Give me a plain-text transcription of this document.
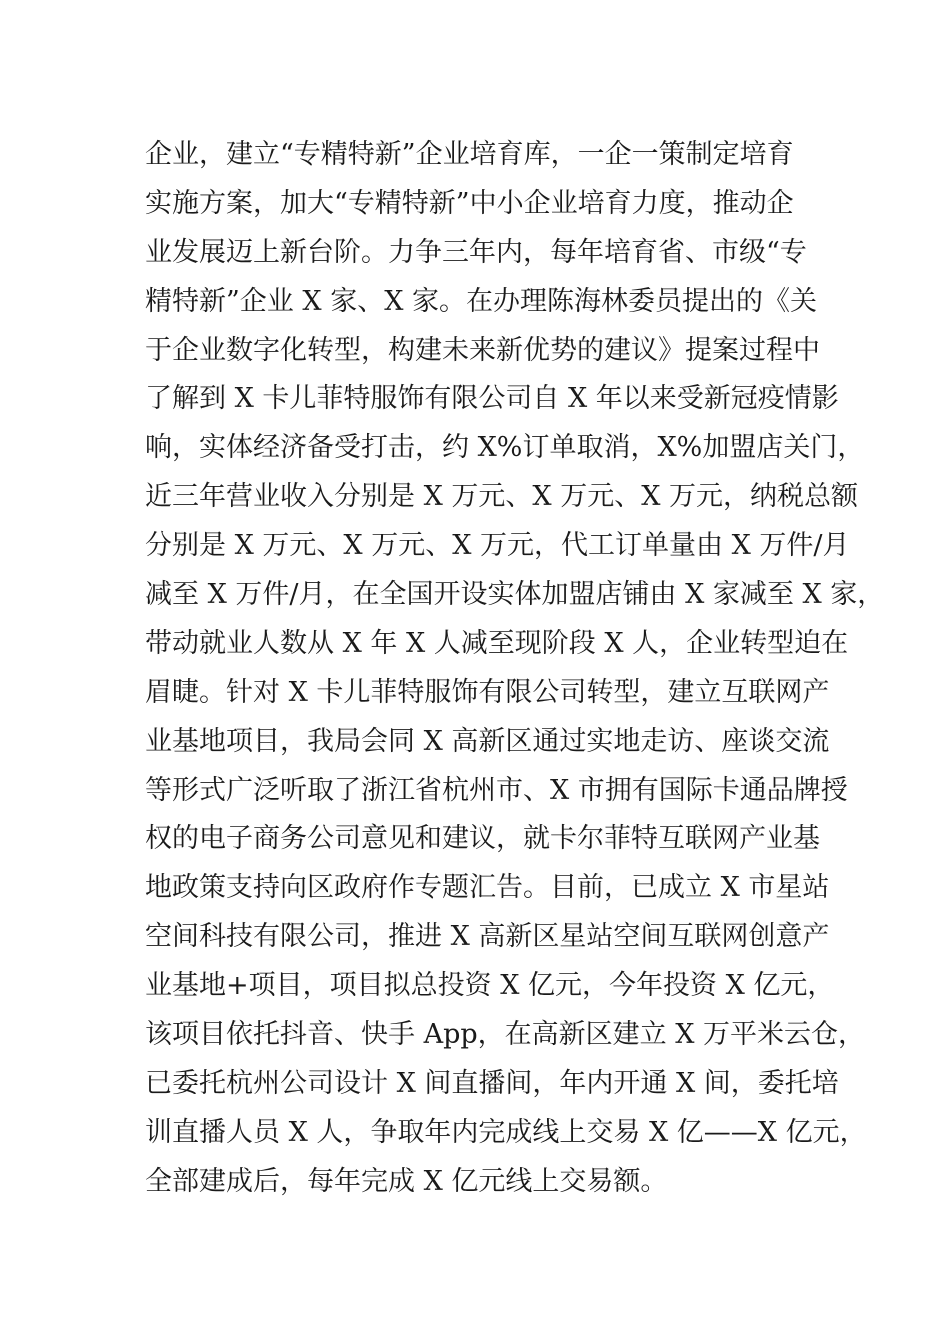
企业，建立“专精特新”企业培育库，一企一策制定培育
实施方案，加大“专精特新”中小企业培育力度，推动企
业发展迈上新台阶。力争三年内，每年培育省、市级“专
精特新”企业 X 家、X 家。在办理陈海林委员提出的《关
于企业数字化转型，构建未来新优势的建议》提案过程中
了解到 X 卡儿菲特服饰有限公司自 X 年以来受新冠疫情影
响，实体经济备受打击，约 X%订单取消，X%加盟店关门，
近三年营业收入分别是 X 万元、X 万元、X 万元，纳税总额
分别是 X 万元、X 万元、X 万元，代工订单量由 X 万件/月
减至 X 万件/月，在全国开设实体加盟店铺由 X 家减至 X 家，
带动就业人数从 X 年 X 人减至现阶段 X 人，企业转型迫在
眉睫。针对 X 卡儿菲特服饰有限公司转型，建立互联网产
业基地项目，我局会同 X 高新区通过实地走访、座谈交流
等形式广泛听取了浙江省杭州市、X 市拥有国际卡通品牌授
权的电子商务公司意见和建议，就卡尔菲特互联网产业基
地政策支持向区政府作专题汇告。目前，已成立 X 市星站
空间科技有限公司，推进 X 高新区星站空间互联网创意产
业基地+项目，项目拟总投资 X 亿元，今年投资 X 亿元，
该项目依托抖音、快手 App，在高新区建立 X 万平米云仓，
已委托杭州公司设计 X 间直播间，年内开通 X 间，委托培
训直播人员 X 人，争取年内完成线上交易 X 亿——X 亿元，
全部建成后，每年完成 X 亿元线上交易额。
